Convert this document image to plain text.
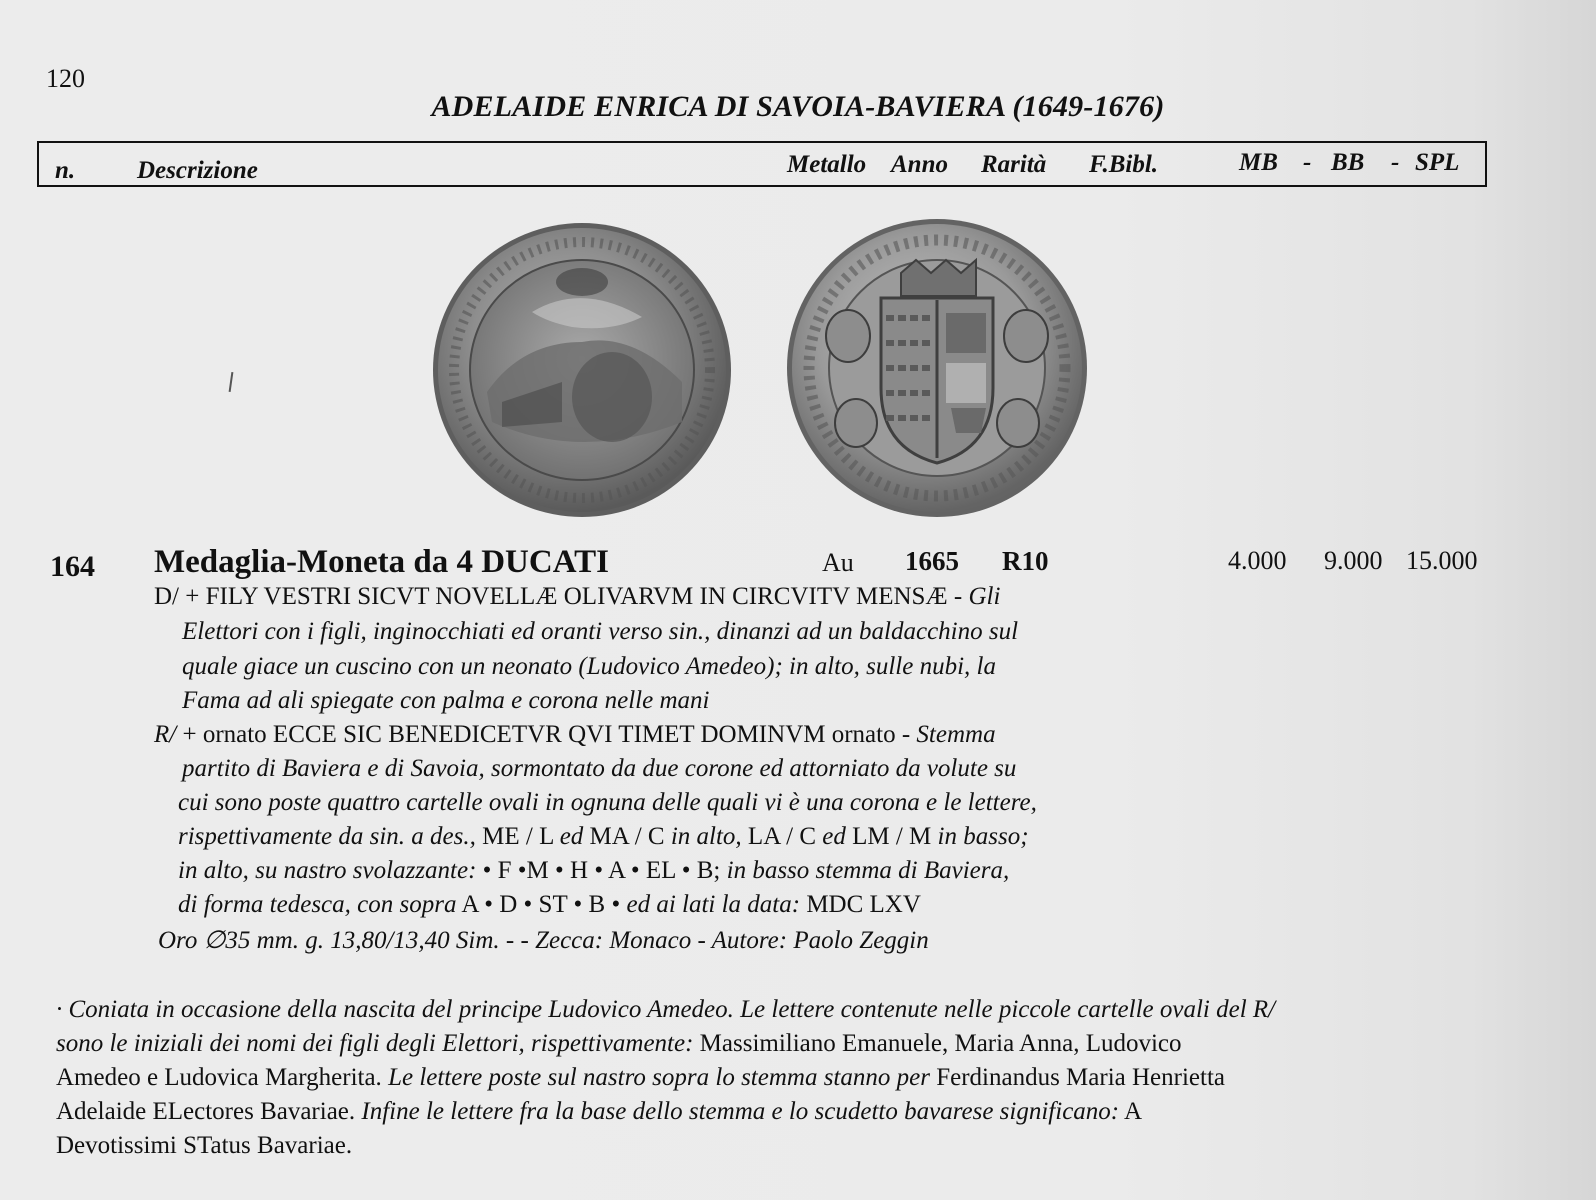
120
ADELAIDE ENRICA DI SAVOIA-BAVIERA (1649-1676)
n. Descrizione	Metallo Anno Rarità F.Bibl.	MB - BB - SPL
164 Medaglia-Moneta da 4 DUCATI	Au 1665 R10	4.000 9.000 15.000
D/ + FILY VESTRI SICVT NOVELLÆ OLIVARVM IN CIRCVITV MENSÆ - Gli
Elettori con i figli, inginocchiati ed oranti verso sin., dinanzi ad un baldacchino sul
quale giace un cuscino con un neonato (Ludovico Amedeo); in alto, sulle nubi, la
Fama ad ali spiegate con palma e corona nelle mani
R/ + ornato ECCE SIC BENEDICETVR QVI TIMET DOMINVM ornato - Stemma
partito di Baviera e di Savoia, sormontato da due corone ed attorniato da volute su
cui sono poste quattro cartelle ovali in ognuna delle quali vi è una corona e le lettere,
rispettivamente da sin. a des., ME / L ed MA / C in alto, LA / C ed LM / M in basso;
in alto, su nastro svolazzante: • F •M • H • A • EL • B; in basso stemma di Baviera,
di forma tedesca, con sopra A • D • ST • B • ed ai lati la data: MDC LXV
Oro ∅35 mm. g. 13,80/13,40 Sim. - - Zecca: Monaco - Autore: Paolo Zeggin
· Coniata in occasione della nascita del principe Ludovico Amedeo. Le lettere contenute nelle piccole cartelle ovali del R/
sono le iniziali dei nomi dei figli degli Elettori, rispettivamente: Massimiliano Emanuele, Maria Anna, Ludovico
Amedeo e Ludovica Margherita. Le lettere poste sul nastro sopra lo stemma stanno per Ferdinandus Maria Henrietta
Adelaide ELectores Bavariae. Infine le lettere fra la base dello stemma e lo scudetto bavarese significano: A
Devotissimi STatus Bavariae.
